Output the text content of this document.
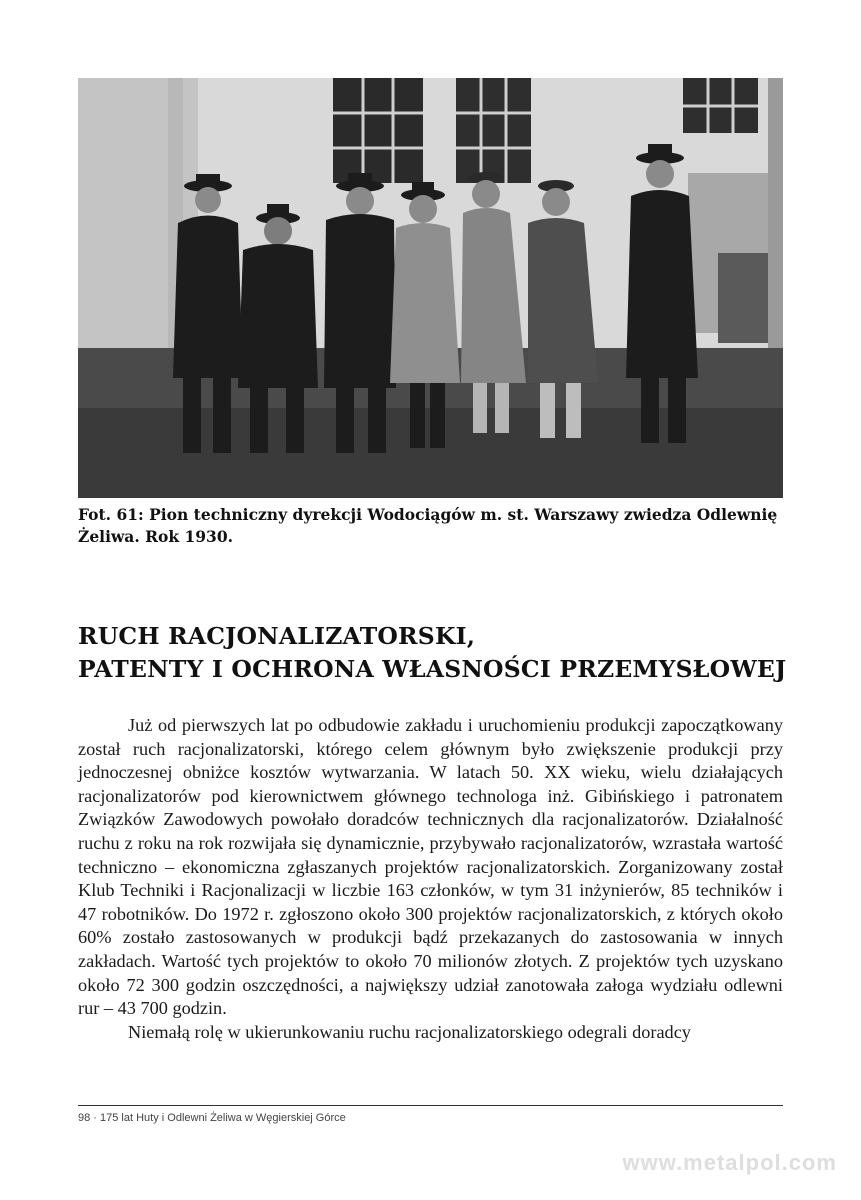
Fot. 61: Pion techniczny dyrekcji Wodociągów m. st. Warszawy zwiedza Odlewnię Żeliwa. Rok 1930.
RUCH RACJONALIZATORSKI,
PATENTY I OCHRONA WŁASNOŚCI PRZEMYSŁOWEJ

Już od pierwszych lat po odbudowie zakładu i uruchomieniu produkcji zapoczątkowany został ruch racjonalizatorski, którego celem głównym było zwiększenie produkcji przy jednoczesnej obniżce kosztów wytwarzania. W latach 50. XX wieku, wielu działających racjonalizatorów pod kierownictwem głównego technologa inż. Gibińskiego i patronatem Związków Zawodowych powołało doradców technicznych dla racjonalizatorów. Działalność ruchu z roku na rok rozwijała się dynamicznie, przybywało racjonalizatorów, wzrastała wartość techniczno – ekonomiczna zgłaszanych projektów racjonalizatorskich. Zorganizowany został Klub Techniki i Racjonalizacji w liczbie 163 członków, w tym 31 inżynierów, 85 techników i 47 robotników. Do 1972 r. zgłoszono około 300 projektów racjonalizatorskich, z których około 60% zostało zastosowanych w produkcji bądź przekazanych do zastosowania w innych zakładach. Wartość tych projektów to około 70 milionów złotych. Z projektów tych uzyskano około 72 300 godzin oszczędności, a największy udział zanotowała załoga wydziału odlewni rur – 43 700 godzin.

Niemałą rolę w ukierunkowaniu ruchu racjonalizatorskiego odegrali doradcy

98 · 175 lat Huty i Odlewni Żeliwa w Węgierskiej Górce
www.metalpol.com
